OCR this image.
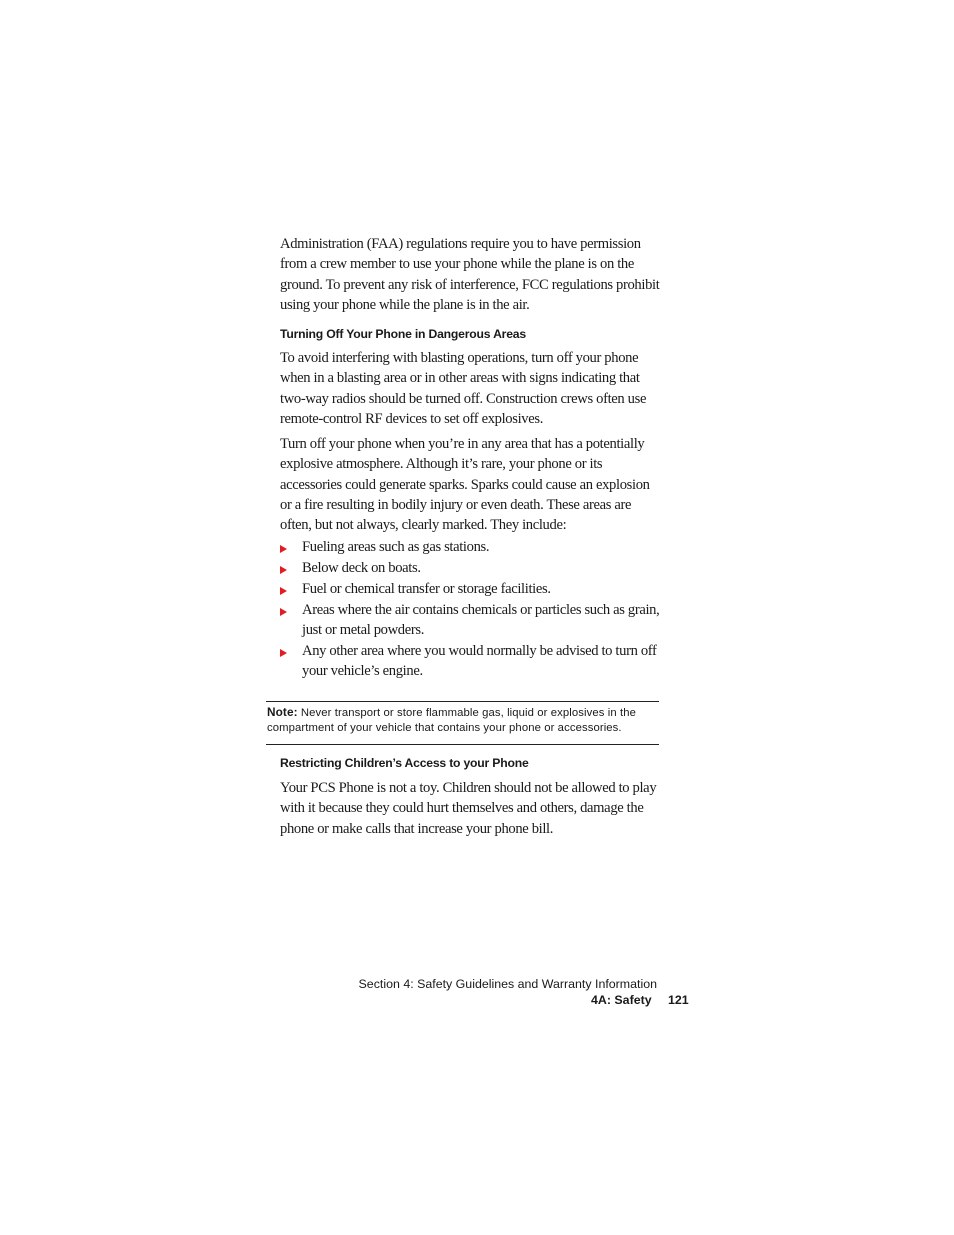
Administration (FAA) regulations require you to have permission from a crew member to use your phone while the plane is on the ground. To prevent any risk of interference, FCC regulations prohibit using your phone while the plane is in the air.

Turning Off Your Phone in Dangerous Areas

To avoid interfering with blasting operations, turn off your phone when in a blasting area or in other areas with signs indicating that two-way radios should be turned off. Construction crews often use remote-control RF devices to set off explosives.

Turn off your phone when you’re in any area that has a potentially explosive atmosphere. Although it’s rare, your phone or its accessories could generate sparks. Sparks could cause an explosion or a fire resulting in bodily injury or even death. These areas are often, but not always, clearly marked. They include:

Fueling areas such as gas stations.
Below deck on boats.
Fuel or chemical transfer or storage facilities.
Areas where the air contains chemicals or particles such as grain, just or metal powders.
Any other area where you would normally be advised to turn off your vehicle’s engine.

Note: Never transport or store flammable gas, liquid or explosives in the compartment of your vehicle that contains your phone or accessories.

Restricting Children’s Access to your Phone

Your PCS Phone is not a toy. Children should not be allowed to play with it because they could hurt themselves and others, damage the phone or make calls that increase your phone bill.

Section 4: Safety Guidelines and Warranty Information

4A: Safety 121
